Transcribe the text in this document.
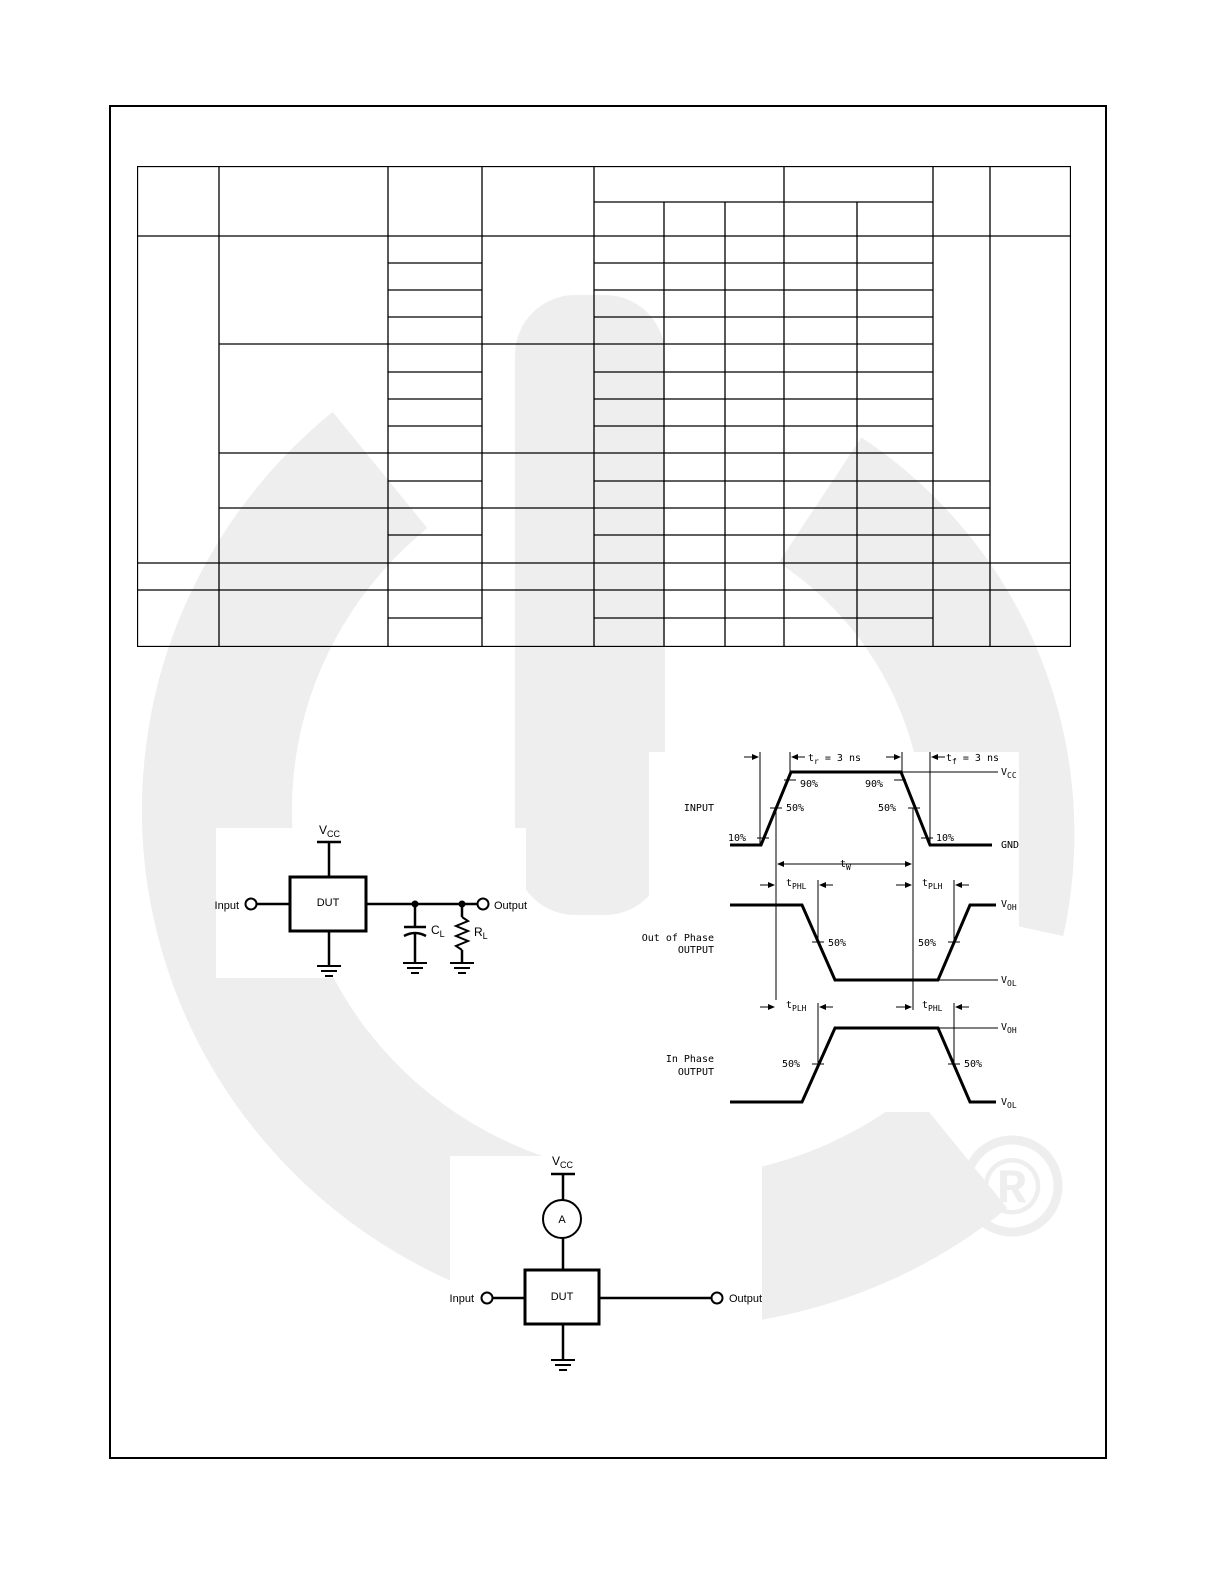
®
$V_{CC}$
DUT
Input	Output
$C_L$ $R_L$
$t_r = 3$ ns	$t_f = 3$ ns
$V_{CC}$
90%	90%
INPUT	50%	50%
10%	10%
GND
$t_W$
$t_{PHL}$	$t_{PLH}$
$V_{OH}$
Out of Phase
OUTPUT
50%	50%
$V_{OL}$
$t_{PLH}$	$t_{PHL}$
$V_{OH}$
In Phase
OUTPUT
50%	50%
$V_{OL}$
$V_{CC}$
A
DUT
Input	Output
